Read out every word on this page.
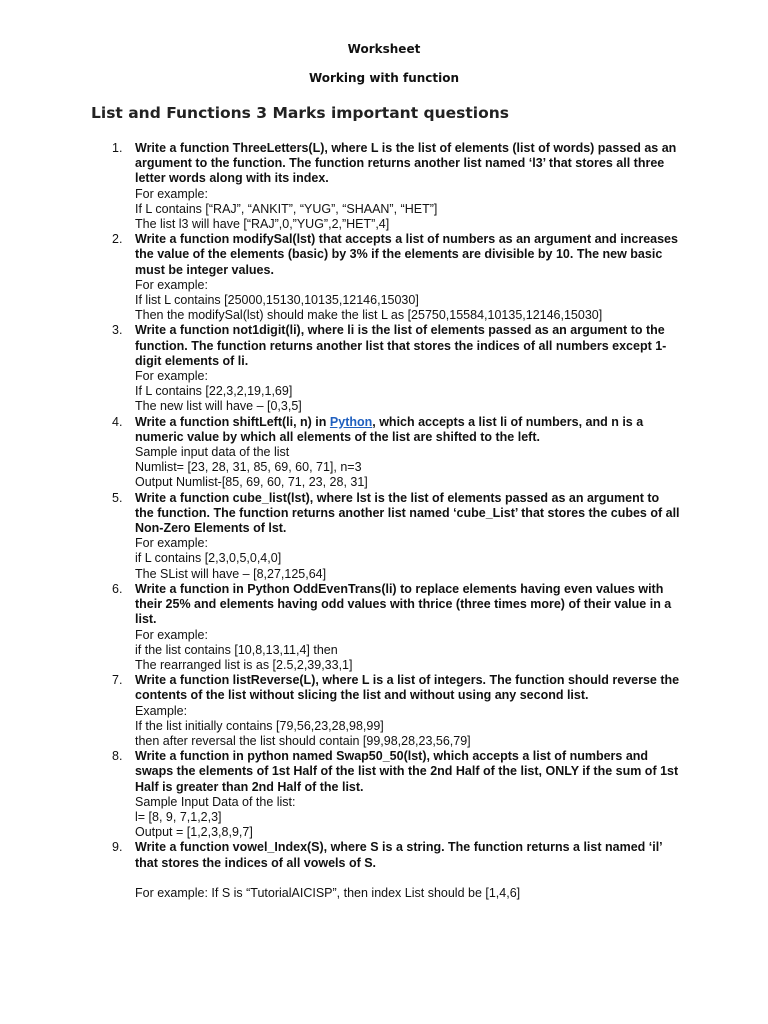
Worksheet
Working with function
List and Functions 3 Marks important questions
1. Write a function ThreeLetters(L), where L is the list of elements (list of words) passed as an argument to the function. The function returns another list named ‘l3’ that stores all three letter words along with its index.
For example:
If L contains [“RAJ”, “ANKIT”, “YUG”, “SHAAN”, “HET”]
The list l3 will have [“RAJ”,0,”YUG”,2,”HET”,4]
2. Write a function modifySal(lst) that accepts a list of numbers as an argument and increases the value of the elements (basic) by 3% if the elements are divisible by 10. The new basic must be integer values.
For example:
If list L contains [25000,15130,10135,12146,15030]
Then the modifySal(lst) should make the list L as [25750,15584,10135,12146,15030]
3. Write a function not1digit(li), where li is the list of elements passed as an argument to the function. The function returns another list that stores the indices of all numbers except 1-digit elements of li.
For example:
If L contains [22,3,2,19,1,69]
The new list will have – [0,3,5]
4. Write a function shiftLeft(li, n) in Python, which accepts a list li of numbers, and n is a numeric value by which all elements of the list are shifted to the left.
Sample input data of the list
Numlist= [23, 28, 31, 85, 69, 60, 71], n=3
Output Numlist-[85, 69, 60, 71, 23, 28, 31]
5. Write a function cube_list(lst), where lst is the list of elements passed as an argument to the function. The function returns another list named ‘cube_List’ that stores the cubes of all Non-Zero Elements of lst.
For example:
if L contains [2,3,0,5,0,4,0]
The SList will have – [8,27,125,64]
6. Write a function in Python OddEvenTrans(li) to replace elements having even values with their 25% and elements having odd values with thrice (three times more) of their value in a list.
For example:
if the list contains [10,8,13,11,4] then
The rearranged list is as [2.5,2,39,33,1]
7. Write a function listReverse(L), where L is a list of integers. The function should reverse the contents of the list without slicing the list and without using any second list.
Example:
If the list initially contains [79,56,23,28,98,99]
then after reversal the list should contain [99,98,28,23,56,79]
8. Write a function in python named Swap50_50(lst), which accepts a list of numbers and swaps the elements of 1st Half of the list with the 2nd Half of the list, ONLY if the sum of 1st Half is greater than 2nd Half of the list.
Sample Input Data of the list:
l= [8, 9, 7,1,2,3]
Output = [1,2,3,8,9,7]
9. Write a function vowel_Index(S), where S is a string. The function returns a list named ‘il’ that stores the indices of all vowels of S.
For example: If S is “TutorialAICISP”, then index List should be [1,4,6]
